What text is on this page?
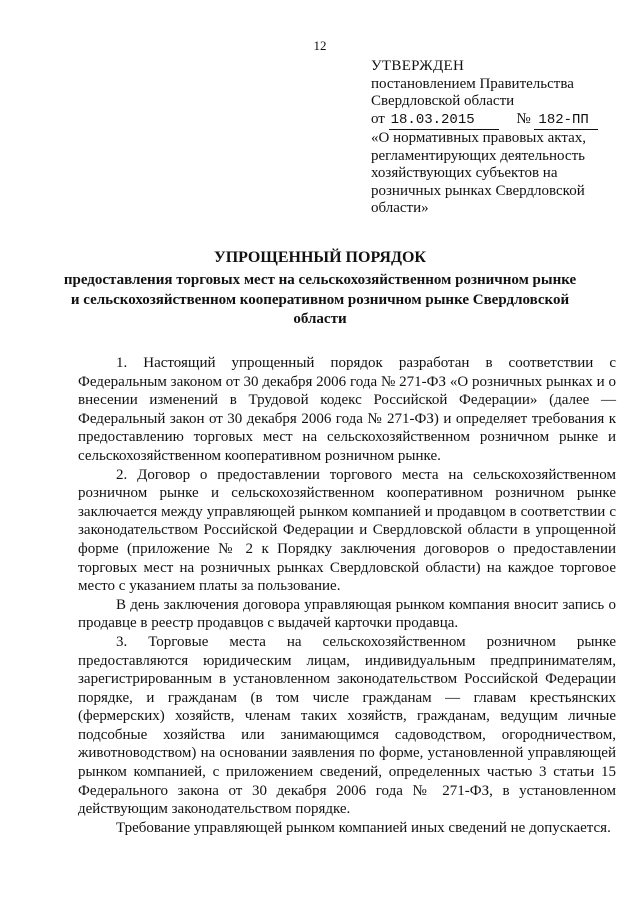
12
УТВЕРЖДЕН
постановлением Правительства
Свердловской области
от 18.03.2015	№ 182-ПП
«О нормативных правовых актах, регламентирующих деятельность хозяйствующих субъектов на розничных рынках Свердловской области»
УПРОЩЕННЫЙ ПОРЯДОК
предоставления торговых мест на сельскохозяйственном розничном рынке и сельскохозяйственном кооперативном розничном рынке Свердловской области

1. Настоящий упрощенный порядок разработан в соответствии с Федеральным законом от 30 декабря 2006 года № 271-ФЗ «О розничных рынках и о внесении изменений в Трудовой кодекс Российской Федерации» (далее — Федеральный закон от 30 декабря 2006 года № 271-ФЗ) и определяет требования к предоставлению торговых мест на сельскохозяйственном розничном рынке и сельскохозяйственном кооперативном розничном рынке.

2. Договор о предоставлении торгового места на сельскохозяйственном розничном рынке и сельскохозяйственном кооперативном розничном рынке заключается между управляющей рынком компанией и продавцом в соответствии с законодательством Российской Федерации и Свердловской области в упрощенной форме (приложение № 2 к Порядку заключения договоров о предоставлении торговых мест на розничных рынках Свердловской области) на каждое торговое место с указанием платы за пользование.

В день заключения договора управляющая рынком компания вносит запись о продавце в реестр продавцов с выдачей карточки продавца.

3. Торговые места на сельскохозяйственном розничном рынке предоставляются юридическим лицам, индивидуальным предпринимателям, зарегистрированным в установленном законодательством Российской Федерации порядке, и гражданам (в том числе гражданам — главам крестьянских (фермерских) хозяйств, членам таких хозяйств, гражданам, ведущим личные подсобные хозяйства или занимающимся садоводством, огородничеством, животноводством) на основании заявления по форме, установленной управляющей рынком компанией, с приложением сведений, определенных частью 3 статьи 15 Федерального закона от 30 декабря 2006 года № 271-ФЗ, в установленном действующим законодательством порядке.

Требование управляющей рынком компанией иных сведений не допускается.
